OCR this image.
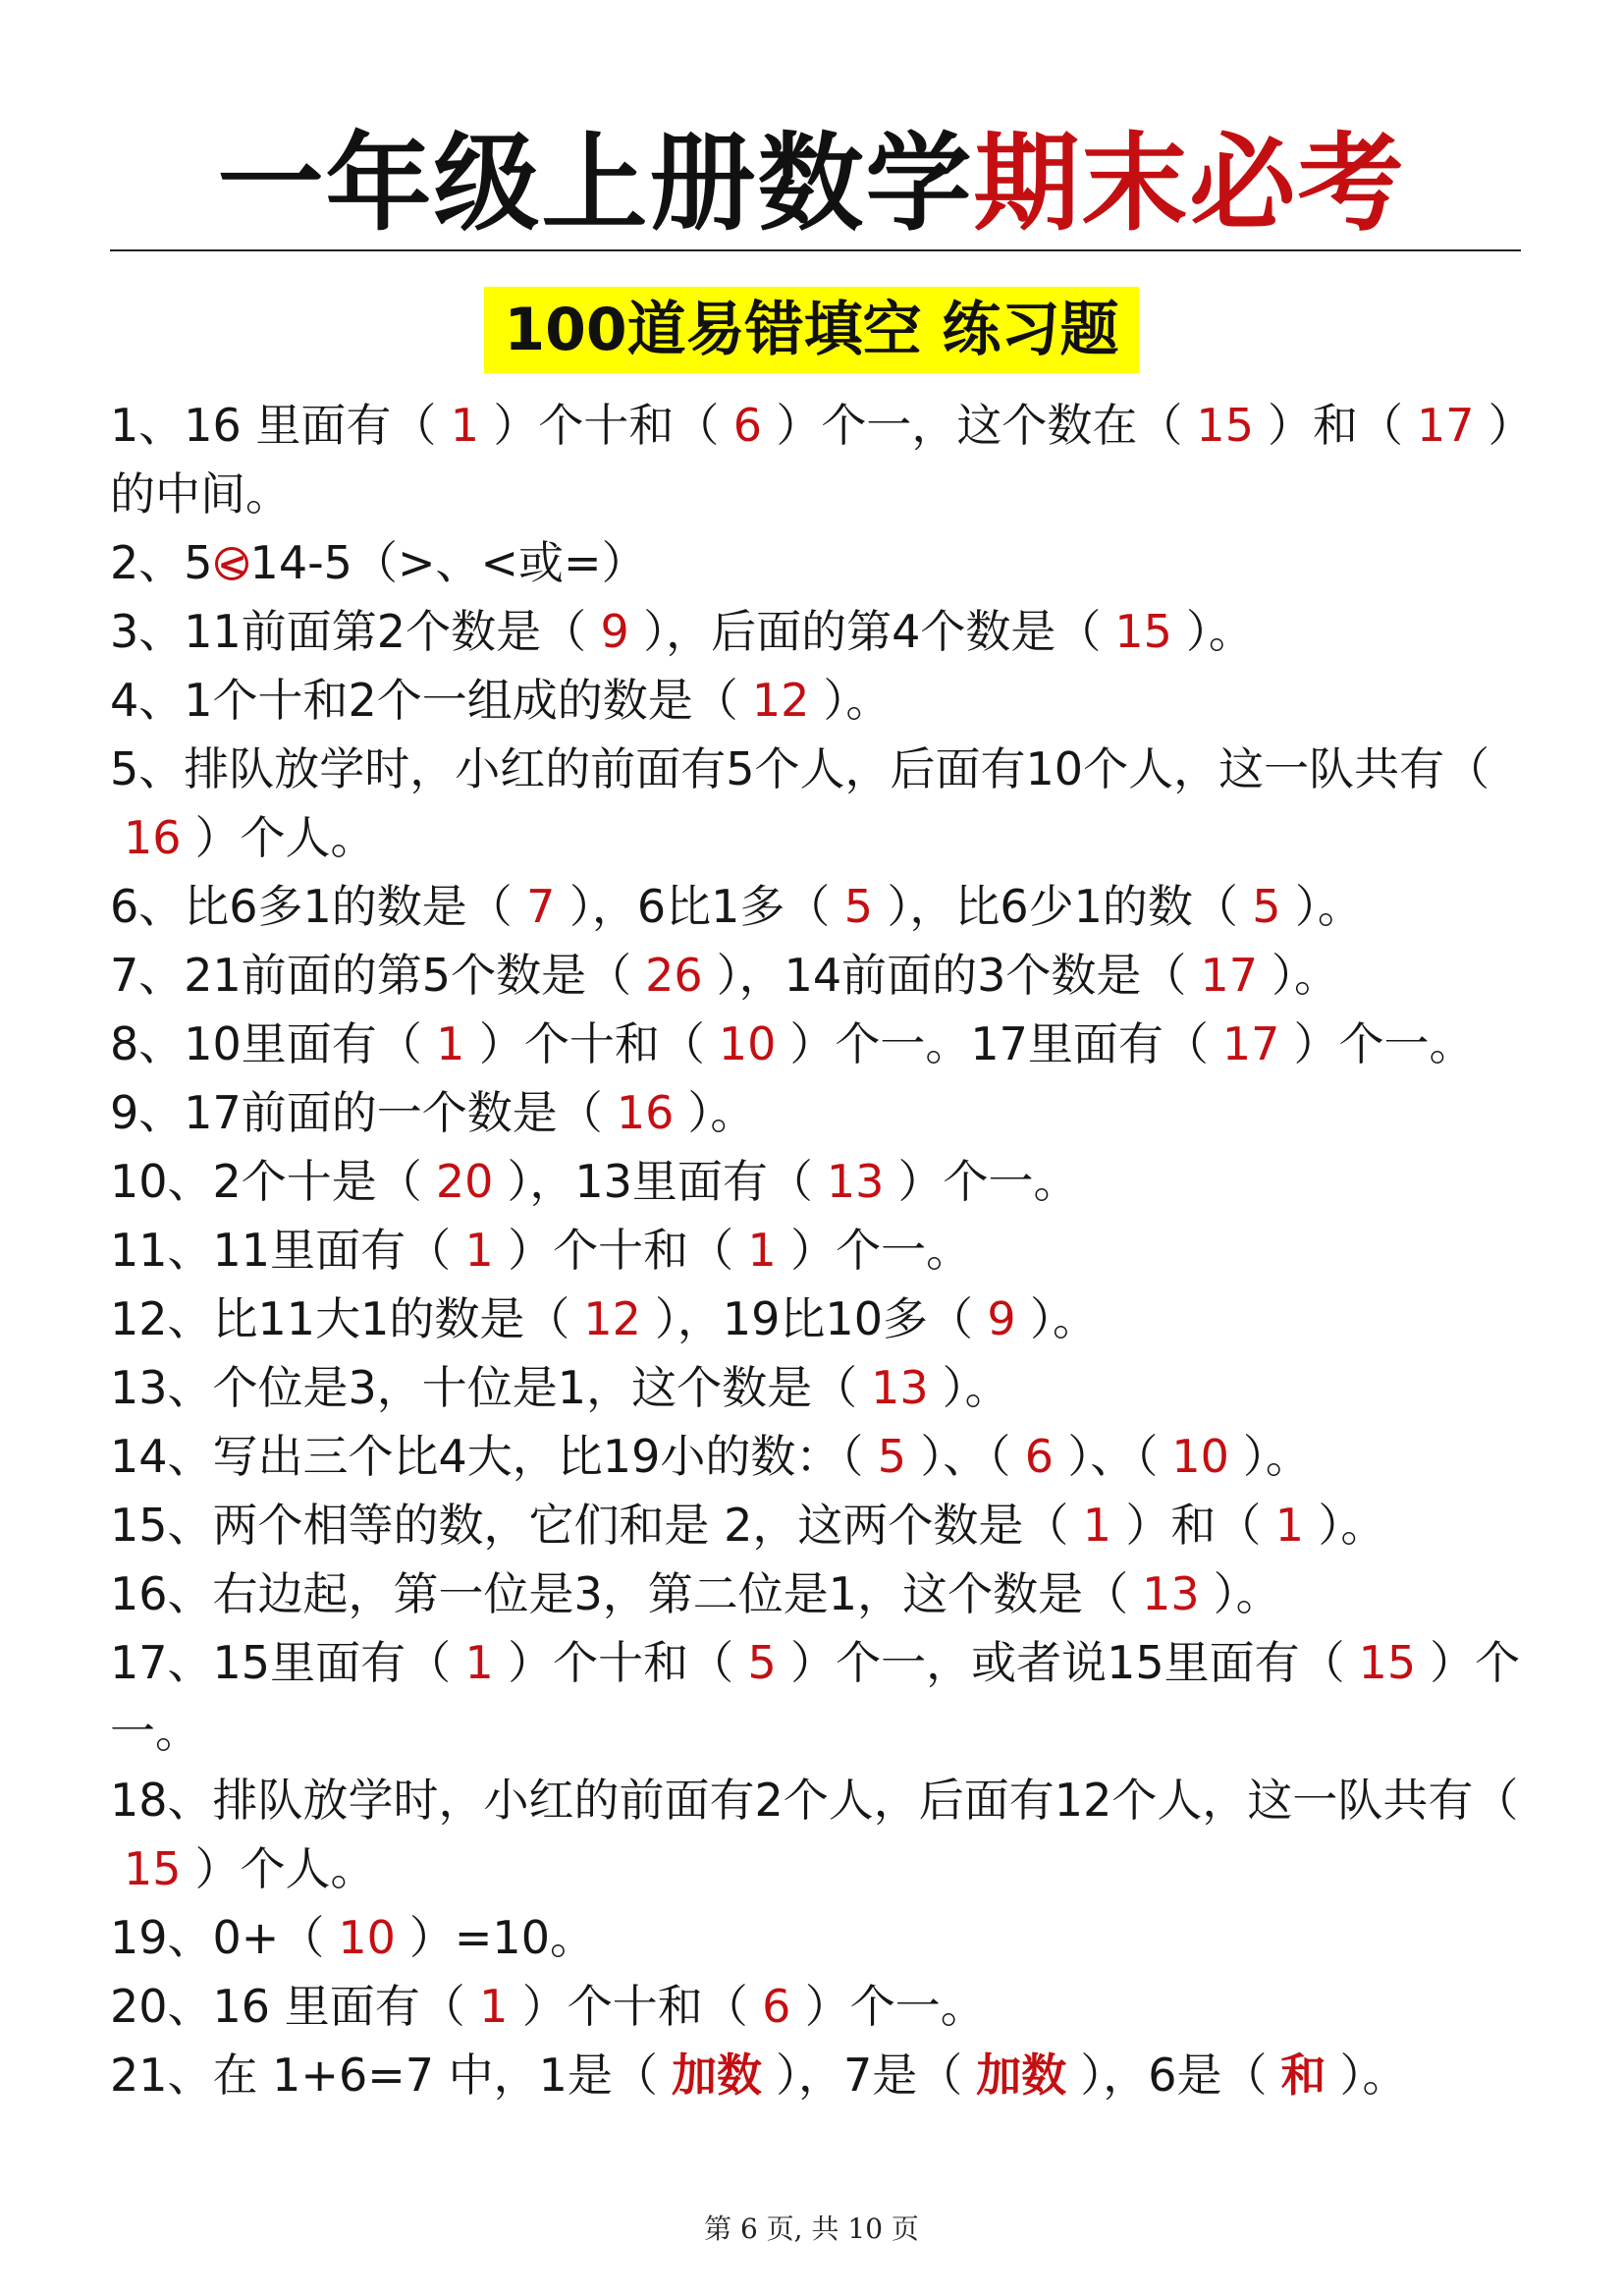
一年级上册数学期末必考
100道易错填空 练习题
1、16 里面有（ 1 ）个十和（ 6 ）个一，这个数在（ 15 ）和（ 17 ）的中间。
2、5 <14-5（>、<或=）
3、11前面第2个数是（ 9 ），后面的第4个数是（ 15 ）。
4、1个十和2个一组成的数是（ 12 ）。
5、排队放学时，小红的前面有5个人，后面有10个人，这一队共有（16 ）个人。
6、比6多1的数是（ 7 ），6比1多（ 5 ），比6少1的数（ 5 ）。
7、21前面的第5个数是（ 26 ），14前面的3个数是（ 17 ）。
8、10里面有（ 1 ）个十和（ 10 ）个一。17里面有（ 17 ）个一。
9、17前面的一个数是（ 16 ）。
10、2个十是（ 20 ），13里面有（ 13 ）个一。
11、11里面有（ 1 ）个十和（ 1 ）个一。
12、比11大1的数是（ 12 ），19比10多（ 9 ）。
13、个位是3，十位是1，这个数是（ 13 ）。
14、写出三个比4大，比19小的数：（ 5 ）、（ 6 ）、（ 10 ）。
15、两个相等的数，它们和是 2，这两个数是（ 1 ）和（ 1 ）。
16、右边起，第一位是3，第二位是1，这个数是（ 13 ）。
17、15里面有（ 1 ）个十和（ 5 ）个一，或者说15里面有（ 15 ）个一。
18、排队放学时，小红的前面有2个人，后面有12个人，这一队共有（15 ）个人。
19、0+（ 10 ）=10。
20、16 里面有（ 1 ）个十和（ 6 ）个一。
21、在 1+6=7 中，1是（ 加数 ），7是（ 加数 ），6是（ 和 ）。
第 6 页, 共 10 页
